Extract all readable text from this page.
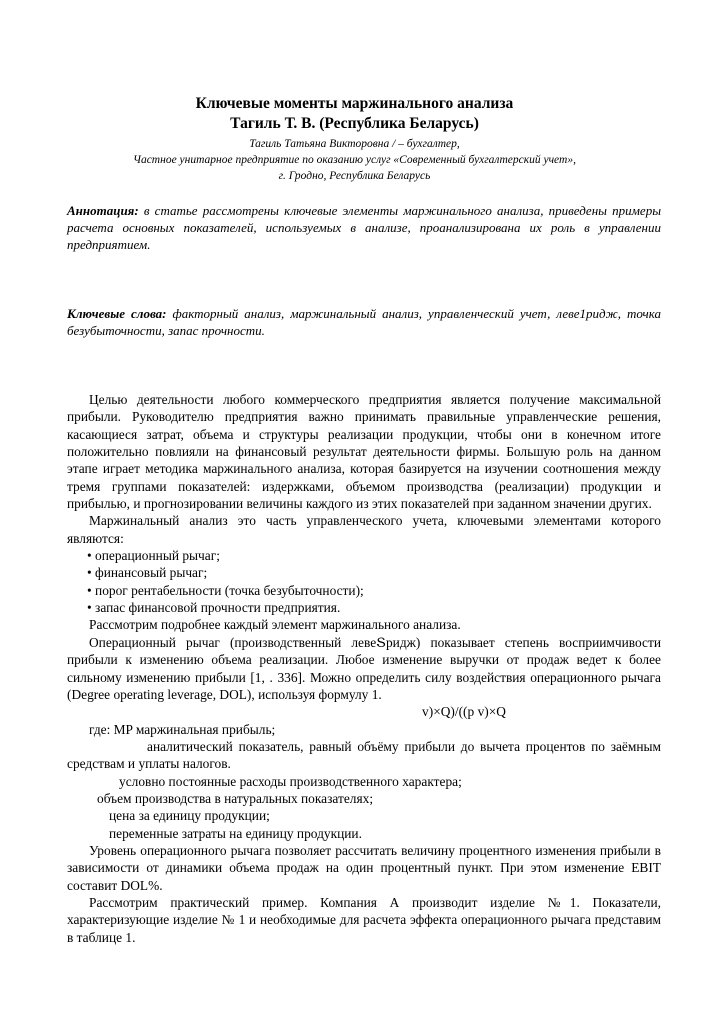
Ключевые моменты маржинального анализа
Тагиль Т. В. (Республика Беларусь)
Тагиль Татьяна Викторовна / – бухгалтер,
Частное унитарное предприятие по оказанию услуг «Современный бухгалтерский учет»,
г. Гродно, Республика Беларусь
Аннотация: в статье рассмотрены ключевые элементы маржинального анализа, приведены примеры расчета основных показателей, используемых в анализе, проанализирована их роль в управлении предприятием.
Ключевые слова: факторный анализ, маржинальный анализ, управленческий учет, леве1ридж, точка безубыточности, запас прочности.

Целью деятельности любого коммерческого предприятия является получение максимальной прибыли. Руководителю предприятия важно принимать правильные управленческие решения, касающиеся затрат, объема и структуры реализации продукции, чтобы они в конечном итоге положительно повлияли на финансовый результат деятельности фирмы. Большую роль на данном этапе играет методика маржинального анализа, которая базируется на изучении соотношения между тремя группами показателей: издержками, объемом производства (реализации) продукции и прибылью, и прогнозировании величины каждого из этих показателей при заданном значении других.

Маржинальный анализ это часть управленческого учета, ключевыми элементами которого являются:

• операционный рычаг;

• финансовый рычаг;

• порог рентабельности (точка безубыточности);

• запас финансовой прочности предприятия.

Рассмотрим подробнее каждый элемент маржинального анализа.

Операционный рычаг (производственный левеՏридж) показывает степень восприимчивости прибыли к изменению объема реализации. Любое изменение выручки от продаж ведет к более сильному изменению прибыли [1, . 336]. Можно определить силу воздействия операционного рычага (Degree operating leverage, DOL), используя формулу 1.

v)×Q)/((p v)×Q

где: MP маржинальная прибыль;

аналитический показатель, равный объёму прибыли до вычета процентов по заёмным средствам и уплаты налогов.

условно постоянные расходы производственного характера;

объем производства в натуральных показателях;

цена за единицу продукции;

переменные затраты на единицу продукции.

Уровень операционного рычага позволяет рассчитать величину процентного изменения прибыли в зависимости от динамики объема продаж на один процентный пункт. При этом изменение EBIT составит DOL%.

Рассмотрим практический пример. Компания А производит изделие №1. Показатели, характеризующие изделие № 1 и необходимые для расчета эффекта операционного рычага представим в таблице 1.
